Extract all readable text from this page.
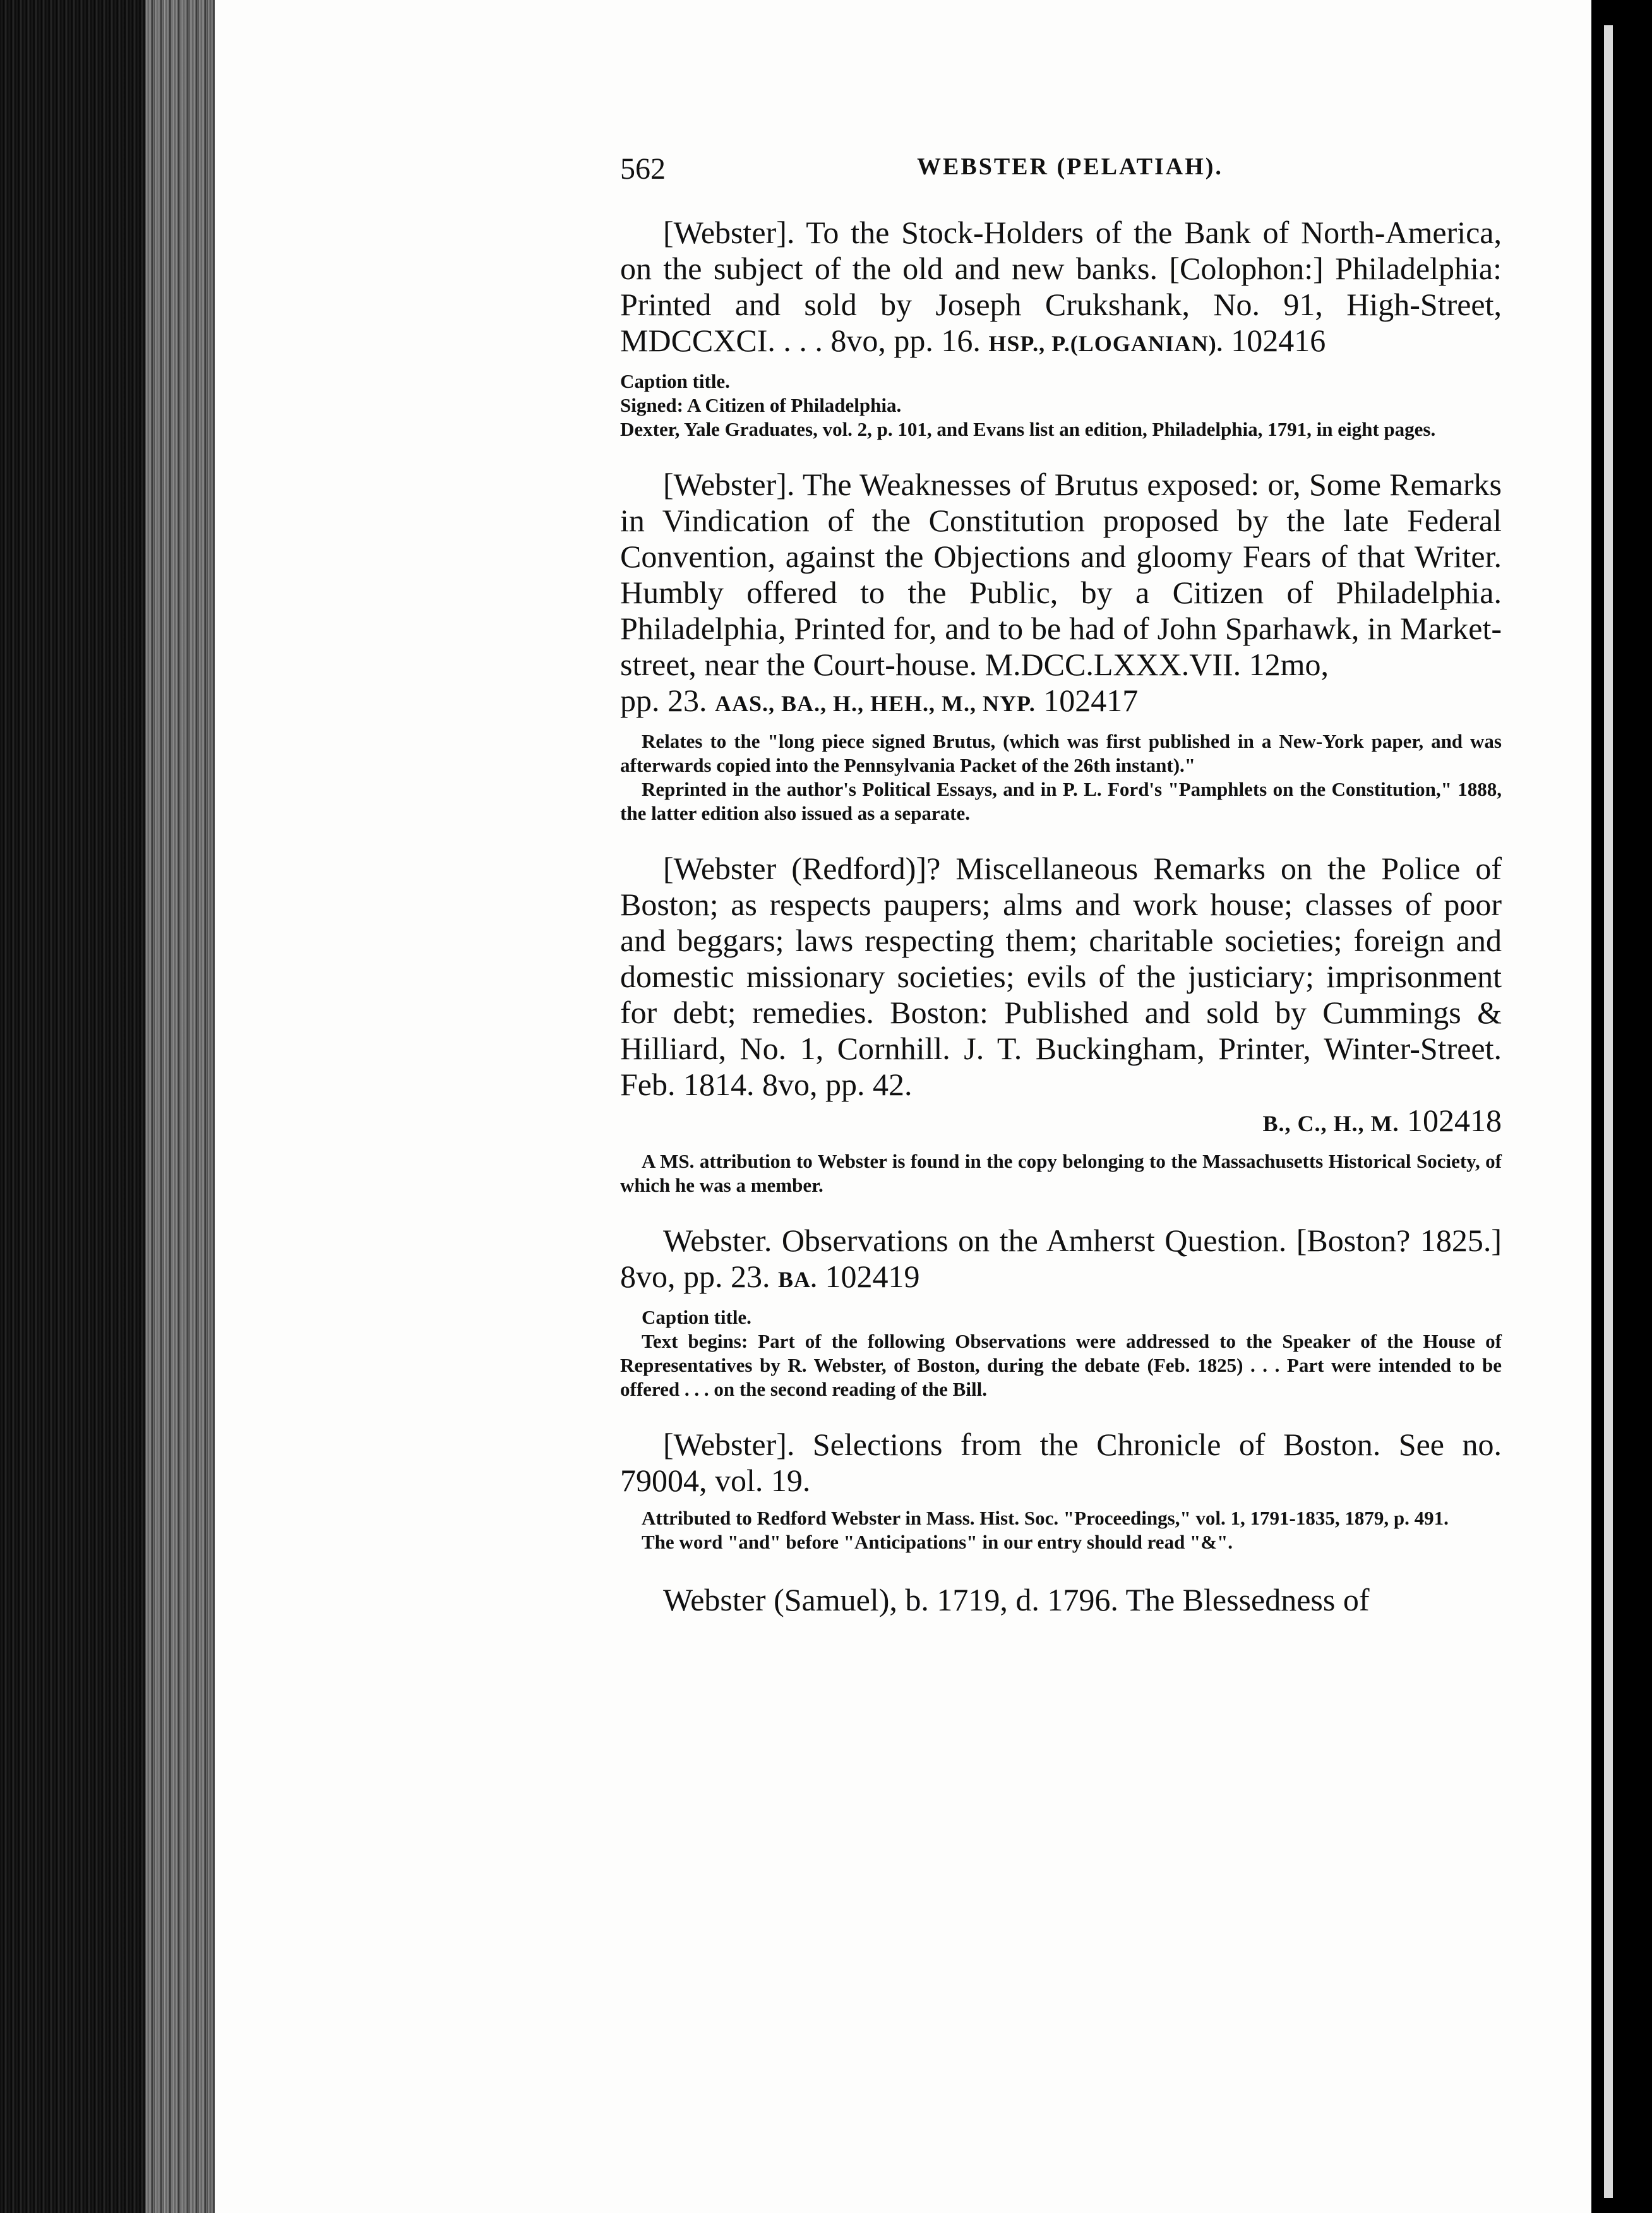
562	WEBSTER (PELATIAH).

[Webster]. To the Stock-Holders of the Bank of North-America, on the subject of the old and new banks. [Colophon:] Philadelphia: Printed and sold by Joseph Crukshank, No. 91, High-Street, MDCCXCI. . . . 8vo, pp. 16. HSP., P.(LOGANIAN). 102416

Caption title.

Signed: A Citizen of Philadelphia.

Dexter, Yale Graduates, vol. 2, p. 101, and Evans list an edition, Philadelphia, 1791, in eight pages.

[Webster]. The Weaknesses of Brutus exposed: or, Some Remarks in Vindication of the Constitution proposed by the late Federal Convention, against the Objections and gloomy Fears of that Writer. Humbly offered to the Public, by a Citizen of Philadelphia. Philadelphia, Printed for, and to be had of John Sparhawk, in Market-street, near the Court-house. M.DCC.LXXX.VII. 12mo,

pp. 23. AAS., BA., H., HEH., M., NYP. 102417

Relates to the "long piece signed Brutus, (which was first published in a New-York paper, and was afterwards copied into the Pennsylvania Packet of the 26th instant)."

Reprinted in the author's Political Essays, and in P. L. Ford's "Pamphlets on the Constitution," 1888, the latter edition also issued as a separate.

[Webster (Redford)]? Miscellaneous Remarks on the Police of Boston; as respects paupers; alms and work house; classes of poor and beggars; laws respecting them; charitable societies; foreign and domestic missionary societies; evils of the justiciary; imprisonment for debt; remedies. Boston: Published and sold by Cummings & Hilliard, No. 1, Cornhill. J. T. Buckingham, Printer, Winter-Street. Feb. 1814. 8vo, pp. 42.

B., C., H., M. 102418

A MS. attribution to Webster is found in the copy belonging to the Massachusetts Historical Society, of which he was a member.

Webster. Observations on the Amherst Question. [Boston? 1825.] 8vo, pp. 23. BA. 102419

Caption title.

Text begins: Part of the following Observations were addressed to the Speaker of the House of Representatives by R. Webster, of Boston, during the debate (Feb. 1825) . . . Part were intended to be offered . . . on the second reading of the Bill.

[Webster]. Selections from the Chronicle of Boston. See no. 79004, vol. 19.

Attributed to Redford Webster in Mass. Hist. Soc. "Proceedings," vol. 1, 1791-1835, 1879, p. 491.

The word "and" before "Anticipations" in our entry should read "&".

Webster (Samuel), b. 1719, d. 1796. The Blessedness of
